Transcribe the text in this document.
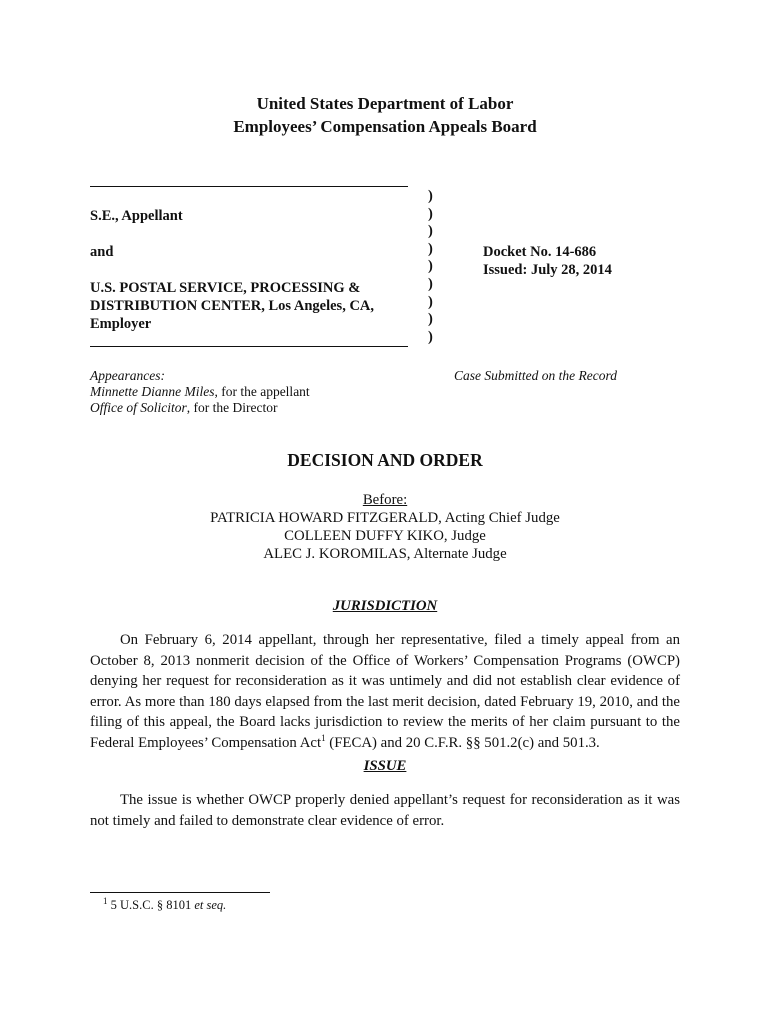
United States Department of Labor
Employees’ Compensation Appeals Board
S.E., Appellant
and
U.S. POSTAL SERVICE, PROCESSING &
DISTRIBUTION CENTER, Los Angeles, CA,
Employer
)
)
)
)
)
)
)
)
)
Docket No. 14-686
Issued: July 28, 2014
Appearances:
Minnette Dianne Miles, for the appellant
Office of Solicitor, for the Director
Case Submitted on the Record
DECISION AND ORDER
Before:
PATRICIA HOWARD FITZGERALD, Acting Chief Judge
COLLEEN DUFFY KIKO, Judge
ALEC J. KOROMILAS, Alternate Judge
JURISDICTION
On February 6, 2014 appellant, through her representative, filed a timely appeal from an October 8, 2013 nonmerit decision of the Office of Workers’ Compensation Programs (OWCP) denying her request for reconsideration as it was untimely and did not establish clear evidence of error. As more than 180 days elapsed from the last merit decision, dated February 19, 2010, and the filing of this appeal, the Board lacks jurisdiction to review the merits of her claim pursuant to the Federal Employees’ Compensation Act$^1$ (FECA) and 20 C.F.R. §§ 501.2(c) and 501.3.
ISSUE
The issue is whether OWCP properly denied appellant’s request for reconsideration as it was not timely and failed to demonstrate clear evidence of error.
$^1$ 5 U.S.C. § 8101 et seq.
